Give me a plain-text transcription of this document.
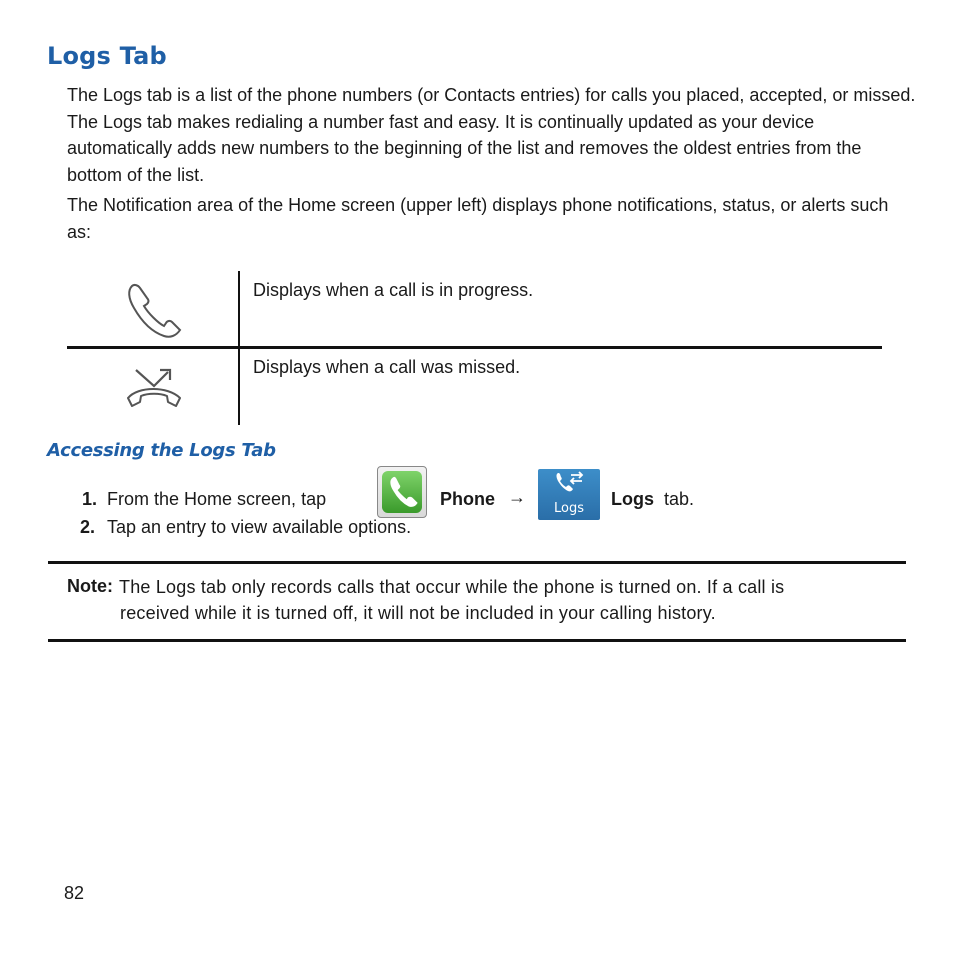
Logs Tab

The Logs tab is a list of the phone numbers (or Contacts entries) for calls you placed, accepted, or missed. The Logs tab makes redialing a number fast and easy. It is continually updated as your device automatically adds new numbers to the beginning of the list and removes the oldest entries from the bottom of the list.

The Notification area of the Home screen (upper left) displays phone notifications, status, or alerts such as:

Displays when a call is in progress.
Displays when a call was missed.
Accessing the Logs Tab
1. From the Home screen, tap	Phone →
Logs	Logs tab.
2. Tap an entry to view available options.
Note: The Logs tab only records calls that occur while the phone is turned on. If a call is
received while it is turned off, it will not be included in your calling history.
82
